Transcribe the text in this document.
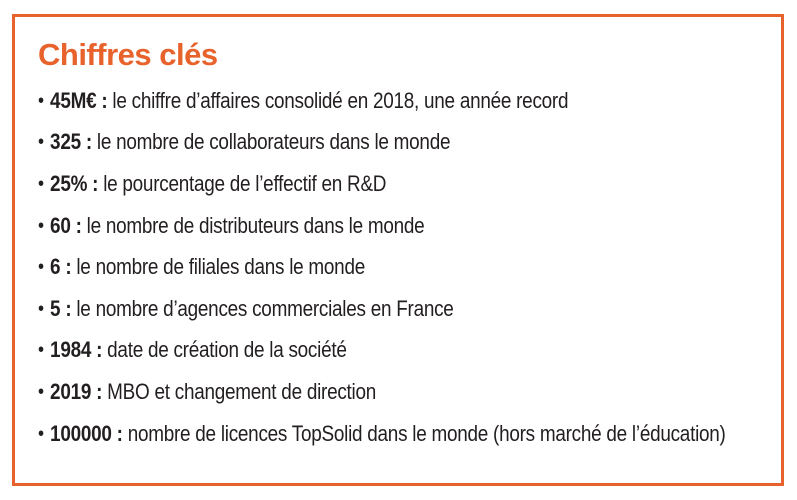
Chiffres clés
• 45M€ : le chiffre d’affaires consolidé en 2018, une année record
• 325 : le nombre de collaborateurs dans le monde
• 25% : le pourcentage de l’effectif en R&D
• 60 : le nombre de distributeurs dans le monde
• 6 : le nombre de filiales dans le monde
• 5 : le nombre d’agences commerciales en France
• 1984 : date de création de la société
• 2019 : MBO et changement de direction
• 100000 : nombre de licences TopSolid dans le monde (hors marché de l’éducation)
